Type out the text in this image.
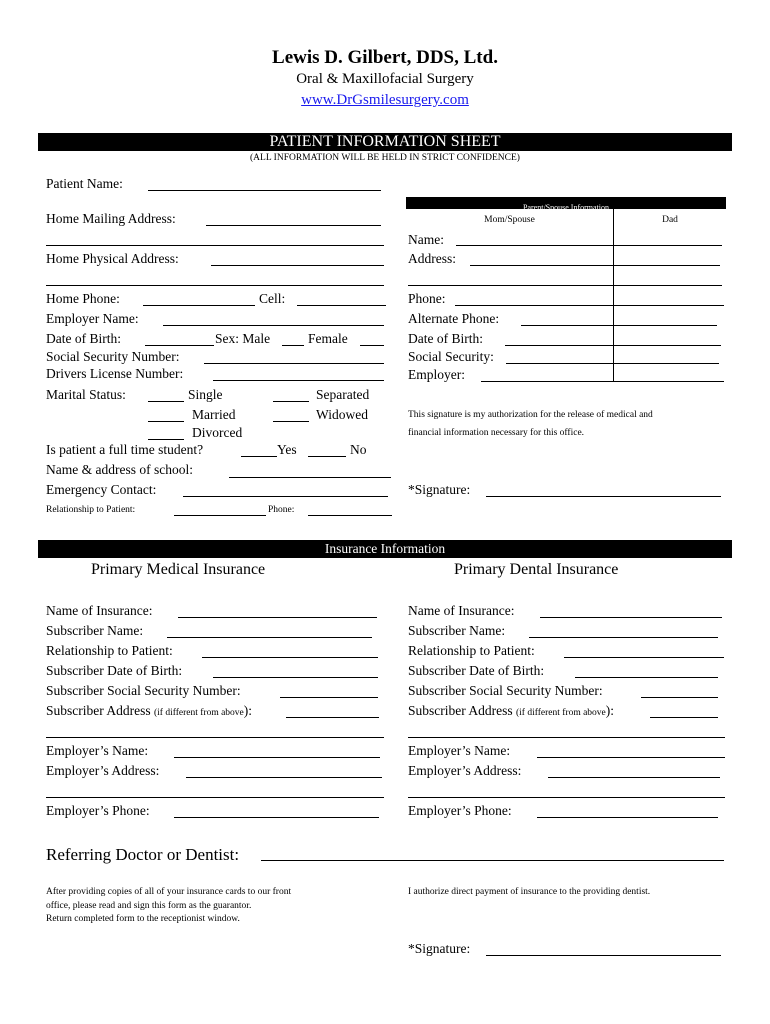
Lewis D. Gilbert, DDS, Ltd.
Oral & Maxillofacial Surgery
www.DrGsmilesurgery.com
PATIENT INFORMATION SHEET
(ALL INFORMATION WILL BE HELD IN STRICT CONFIDENCE)
Patient Name:
Home Mailing Address:
Home Physical Address:
Home Phone:	Cell:
Employer Name:
Date of Birth:	Sex: Male	Female
Social Security Number:
Drivers License Number:
Marital Status:	Single	Separated
Married	Widowed
Divorced
Is patient a full time student?	Yes	No
Name & address of school:
Emergency Contact:
Relationship to Patient:	Phone:
Parent/Spouse Information
Mom/Spouse	Dad
Name:
Address:
Phone:
Alternate Phone:
Date of Birth:
Social Security:
Employer:
This signature is my authorization for the release of medical and
financial information necessary for this office.
*Signature:
Insurance Information
Primary Medical Insurance	Primary Dental Insurance
Name of Insurance:
Subscriber Name:
Relationship to Patient:
Subscriber Date of Birth:
Subscriber Social Security Number:
Subscriber Address (if different from above):
Employer’s Name:
Employer’s Address:
Employer’s Phone:
Name of Insurance:
Subscriber Name:
Relationship to Patient:
Subscriber Date of Birth:
Subscriber Social Security Number:
Subscriber Address (if different from above):
Employer’s Name:
Employer’s Address:
Employer’s Phone:
Referring Doctor or Dentist:
After providing copies of all of your insurance cards to our front
office, please read and sign this form as the guarantor.
Return completed form to the receptionist window.
I authorize direct payment of insurance to the providing dentist.
*Signature:
